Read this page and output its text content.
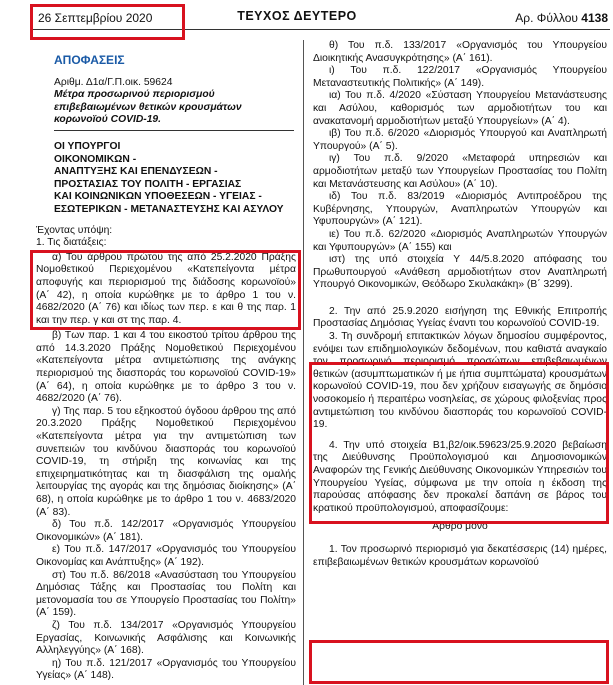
26 Σεπτεμβρίου 2020	ΤΕΥΧΟΣ ΔΕΥΤΕΡΟ	Αρ. Φύλλου 4138
ΑΠΟΦΑΣΕΙΣ
Αριθμ. Δ1α/Γ.Π.οικ. 59624
Μέτρα προσωρινού περιορισμού επιβεβαιωμένων θετικών κρουσμάτων κορωνοϊού COVID-19.
ΟΙ ΥΠΟΥΡΓΟΙ
ΟΙΚΟΝΟΜΙΚΩΝ -
ΑΝΑΠΤΥΞΗΣ ΚΑΙ ΕΠΕΝΔΥΣΕΩΝ -
ΠΡΟΣΤΑΣΙΑΣ ΤΟΥ ΠΟΛΙΤΗ - ΕΡΓΑΣΙΑΣ
ΚΑΙ ΚΟΙΝΩΝΙΚΩΝ ΥΠΟΘΕΣΕΩΝ - ΥΓΕΙΑΣ -
ΕΣΩΤΕΡΙΚΩΝ - ΜΕΤΑΝΑΣΤΕΥΣΗΣ ΚΑΙ ΑΣΥΛΟΥ

Έχοντας υπόψη:

1. Τις διατάξεις:

α) Του άρθρου πρώτου της από 25.2.2020 Πράξης Νομοθετικού Περιεχομένου «Κατεπείγοντα μέτρα αποφυγής και περιορισμού της διάδοσης κορωνοϊού» (Α΄ 42), η οποία κυρώθηκε με το άρθρο 1 του ν. 4682/2020 (Α΄ 76) και ιδίως των περ. ε και θ της παρ. 1 και την περ. γ και στ της παρ. 4.

β) Των παρ. 1 και 4 του εικοστού τρίτου άρθρου της από 14.3.2020 Πράξης Νομοθετικού Περιεχομένου «Κατεπείγοντα μέτρα αντιμετώπισης της ανάγκης περιορισμού της διασποράς του κορωνοϊού COVID-19» (Α΄ 64), η οποία κυρώθηκε με το άρθρο 3 του ν. 4682/2020 (Α΄ 76).

γ) Της παρ. 5 του εξηκοστού όγδοου άρθρου της από 20.3.2020 Πράξης Νομοθετικού Περιεχομένου «Κατεπείγοντα μέτρα για την αντιμετώπιση των συνεπειών του κινδύνου διασποράς του κορωνοϊού COVID-19, τη στήριξη της κοινωνίας και της επιχειρηματικότητας και τη διασφάλιση της ομαλής λειτουργίας της αγοράς και της δημόσιας διοίκησης» (Α΄ 68), η οποία κυρώθηκε με το άρθρο 1 του ν. 4683/2020 (Α΄ 83).

δ) Του π.δ. 142/2017 «Οργανισμός Υπουργείου Οικονομικών» (Α΄ 181).

ε) Του π.δ. 147/2017 «Οργανισμός του Υπουργείου Οικονομίας και Ανάπτυξης» (Α΄ 192).

στ) Του π.δ. 86/2018 «Ανασύσταση του Υπουργείου Δημόσιας Τάξης και Προστασίας του Πολίτη και μετονομασία του σε Υπουργείο Προστασίας του Πολίτη» (Α΄ 159).

ζ) Του π.δ. 134/2017 «Οργανισμός Υπουργείου Εργασίας, Κοινωνικής Ασφάλισης και Κοινωνικής Αλληλεγγύης» (Α΄ 168).

η) Του π.δ. 121/2017 «Οργανισμός του Υπουργείου Υγείας» (Α΄ 148).

θ) Του π.δ. 133/2017 «Οργανισμός του Υπουργείου Διοικητικής Ανασυγκρότησης» (Α΄ 161).

ι) Του π.δ. 122/2017 «Οργανισμός Υπουργείου Μεταναστευτικής Πολιτικής» (Α΄ 149).

ια) Του π.δ. 4/2020 «Σύσταση Υπουργείου Μετανάστευσης και Ασύλου, καθορισμός των αρμοδιοτήτων του και ανακατανομή αρμοδιοτήτων μεταξύ Υπουργείων» (Α΄ 4).

ιβ) Του π.δ. 6/2020 «Διορισμός Υπουργού και Αναπληρωτή Υπουργού» (Α΄ 5).

ιγ) Του π.δ. 9/2020 «Μεταφορά υπηρεσιών και αρμοδιοτήτων μεταξύ των Υπουργείων Προστασίας του Πολίτη και Μετανάστευσης και Ασύλου» (Α΄ 10).

ιδ) Του π.δ. 83/2019 «Διορισμός Αντιπροέδρου της Κυβέρνησης, Υπουργών, Αναπληρωτών Υπουργών και Υφυπουργών» (Α΄ 121).

ιε) Του π.δ. 62/2020 «Διορισμός Αναπληρωτών Υπουργών και Υφυπουργών» (Α΄ 155) και

ιστ) της υπό στοιχεία Υ 44/5.8.2020 απόφασης του Πρωθυπουργού «Ανάθεση αρμοδιοτήτων στον Αναπληρωτή Υπουργό Οικονομικών, Θεόδωρο Σκυλακάκη» (Β΄ 3299).

2. Την από 25.9.2020 εισήγηση της Εθνικής Επιτροπής Προστασίας Δημόσιας Υγείας έναντι του κορωνοϊού COVID-19.

3. Τη συνδρομή επιτακτικών λόγων δημοσίου συμφέροντος, ενόψει των επιδημιολογικών δεδομένων, που καθιστά αναγκαίο τον προσωρινό περιορισμό προσώπων επιβεβαιωμένων θετικών (ασυμπτωματικών ή με ήπια συμπτώματα) κρουσμάτων κορωνοϊού COVID-19, που δεν χρήζουν εισαγωγής σε δημόσιο νοσοκομείο ή περαιτέρω νοσηλείας, σε χώρους φιλοξενίας προς αντιμετώπιση του κινδύνου διασποράς του κορωνοϊού COVID-19.

4. Την υπό στοιχεία Β1,β2/οικ.59623/25.9.2020 βεβαίωση της Διεύθυνσης Προϋπολογισμού και Δημοσιονομικών Αναφορών της Γενικής Διεύθυνσης Οικονομικών Υπηρεσιών του Υπουργείου Υγείας, σύμφωνα με την οποία η έκδοση της παρούσας απόφασης δεν προκαλεί δαπάνη σε βάρος του κρατικού προϋπολογισμού, αποφασίζουμε:

Άρθρο μόνο

1. Τον προσωρινό περιορισμό για δεκατέσσερις (14) ημέρες, επιβεβαιωμένων θετικών κρουσμάτων κορωνοϊού
